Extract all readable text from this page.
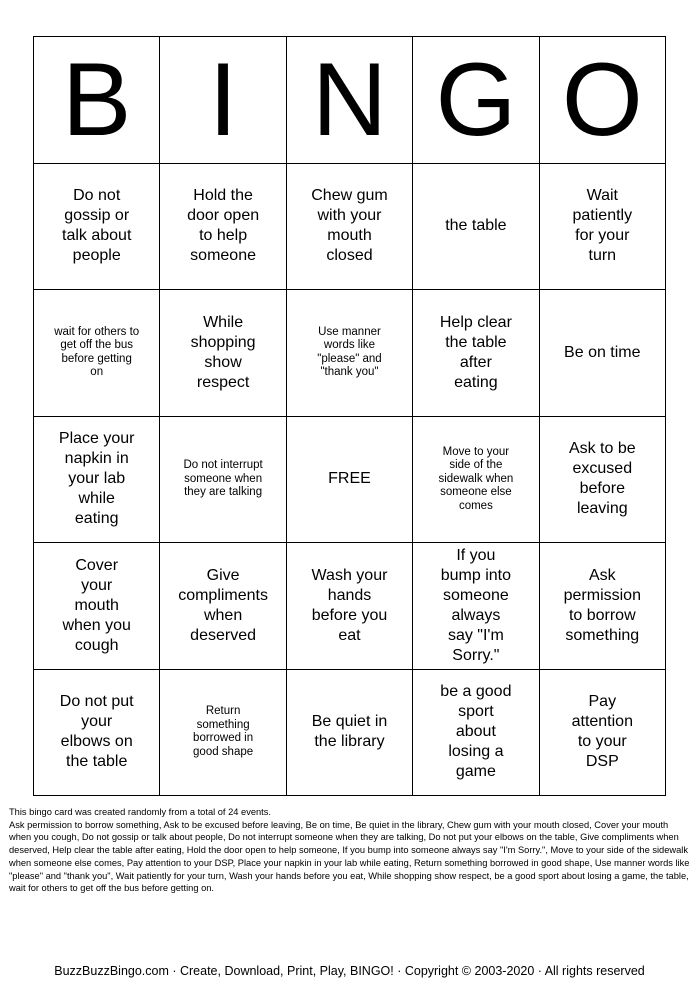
B I N G O
Do not gossip or talk about people
Hold the door open to help someone
Chew gum with your mouth closed
the table
Wait patiently for your turn
wait for others to get off the bus before getting on
While shopping show respect
Use manner words like "please" and "thank you"
Help clear the table after eating
Be on time
Place your napkin in your lab while eating
Do not interrupt someone when they are talking
FREE
Move to your side of the sidewalk when someone else comes
Ask to be excused before leaving
Cover your mouth when you cough
Give compliments when deserved
Wash your hands before you eat
If you bump into someone always say "I'm Sorry."
Ask permission to borrow something
Do not put your elbows on the table
Return something borrowed in good shape
Be quiet in the library
be a good sport about losing a game
Pay attention to your DSP
This bingo card was created randomly from a total of 24 events.
Ask permission to borrow something, Ask to be excused before leaving, Be on time, Be quiet in the library, Chew gum with your mouth closed, Cover your mouth when you cough, Do not gossip or talk about people, Do not interrupt someone when they are talking, Do not put your elbows on the table, Give compliments when deserved, Help clear the table after eating, Hold the door open to help someone, If you bump into someone always say "I'm Sorry.", Move to your side of the sidewalk when someone else comes, Pay attention to your DSP, Place your napkin in your lab while eating, Return something borrowed in good shape, Use manner words like "please" and "thank you", Wait patiently for your turn, Wash your hands before you eat, While shopping show respect, be a good sport about losing a game, the table, wait for others to get off the bus before getting on.
BuzzBuzzBingo.com · Create, Download, Print, Play, BINGO! · Copyright © 2003-2020 · All rights reserved
